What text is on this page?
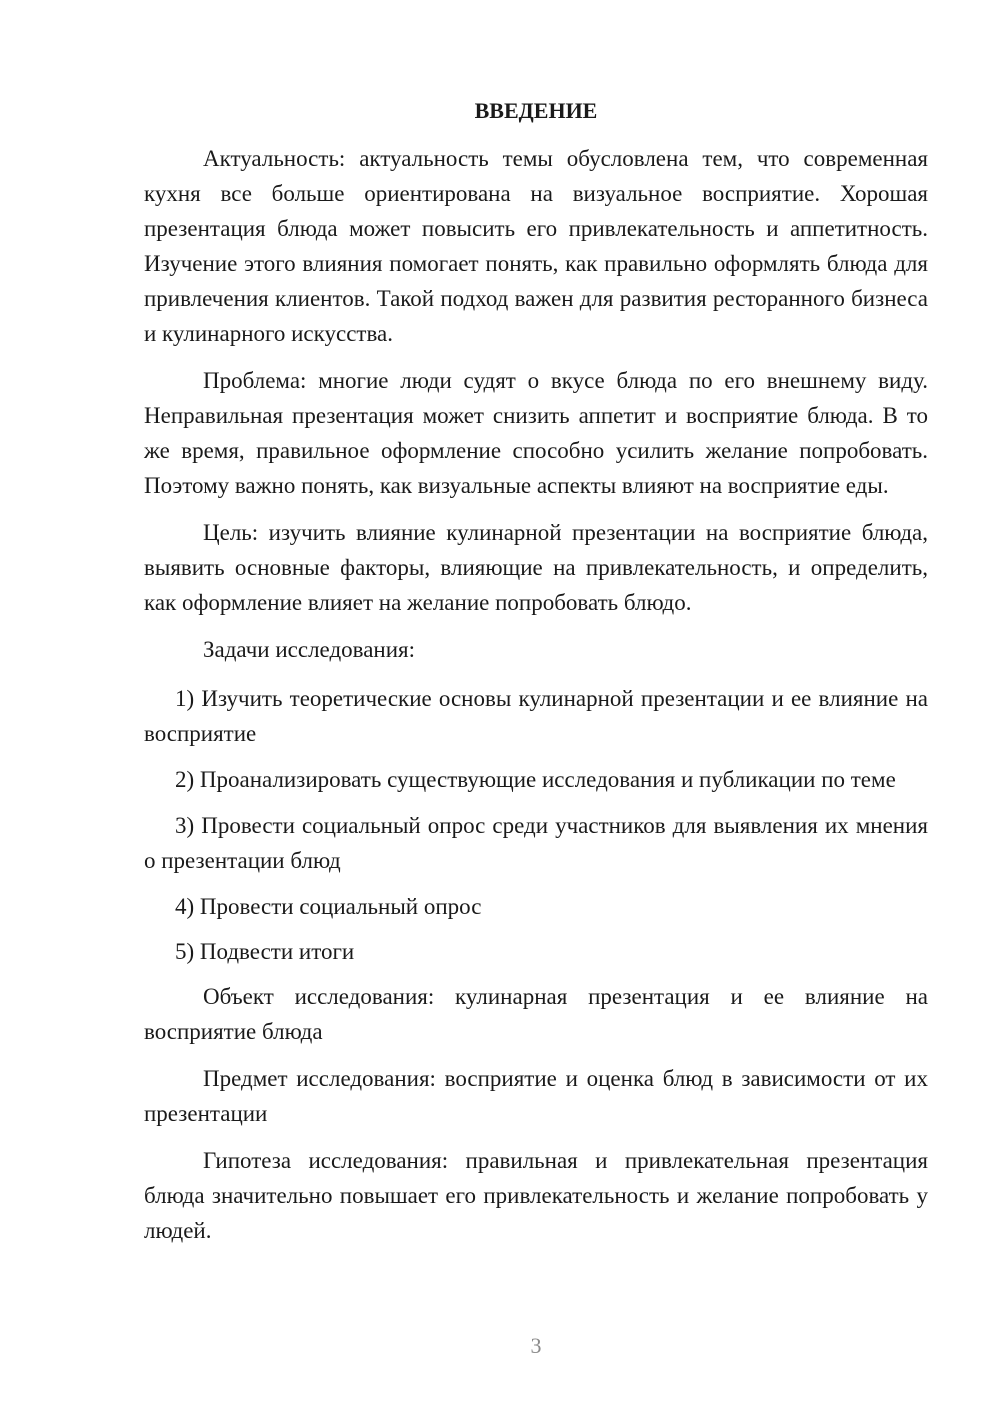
ВВЕДЕНИЕ

Актуальность: актуальность темы обусловлена тем, что современная кухня все больше ориентирована на визуальное восприятие. Хорошая презентация блюда может повысить его привлекательность и аппетитность. Изучение этого влияния помогает понять, как правильно оформлять блюда для привлечения клиентов. Такой подход важен для развития ресторанного бизнеса и кулинарного искусства.

Проблема: многие люди судят о вкусе блюда по его внешнему виду. Неправильная презентация может снизить аппетит и восприятие блюда. В то же время, правильное оформление способно усилить желание попробовать. Поэтому важно понять, как визуальные аспекты влияют на восприятие еды.

Цель: изучить влияние кулинарной презентации на восприятие блюда, выявить основные факторы, влияющие на привлекательность, и определить, как оформление влияет на желание попробовать блюдо.

Задачи исследования:

1) Изучить теоретические основы кулинарной презентации и ее влияние на восприятие

2) Проанализировать существующие исследования и публикации по теме

3) Провести социальный опрос среди участников для выявления их мнения о презентации блюд

4) Провести социальный опрос

5) Подвести итоги

Объект исследования: кулинарная презентация и ее влияние на восприятие блюда

Предмет исследования: восприятие и оценка блюд в зависимости от их презентации

Гипотеза исследования: правильная и привлекательная презентация блюда значительно повышает его привлекательность и желание попробовать у людей.

3
